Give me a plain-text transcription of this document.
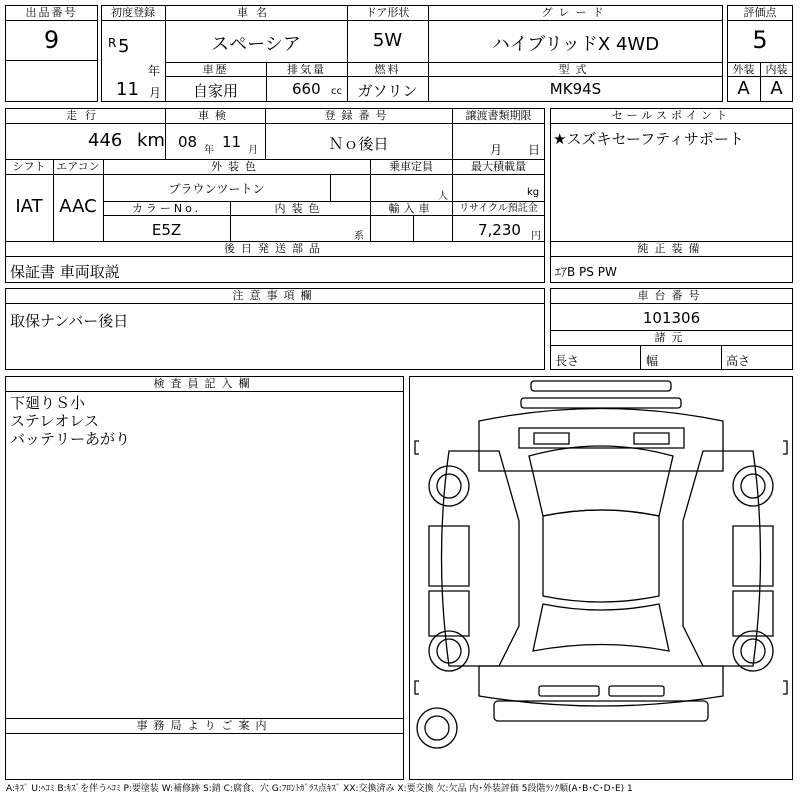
出品番号
9
初度登録
R 5
年
11 月
車名
スペーシア
ドア形状
5W
グレード
ハイブリッドX 4WD
車歴
自家用
排気量
660 cc
燃料
ガソリン
型式
MK94S
評価点
5
外装	内装
A	A
走行
446 km
車検
08 年 11 月
登録番号
Ｎｏ後日
譲渡書類期限
月 日
シフト
IAT
エアコン
AAC
外装色
ブラウンツートン
乗車定員
人
最大積載量
kg
カラーNo.
E5Z
内装色
系
輸入車	リサイクル預託金
7,230 円
後日発送部品
保証書 車両取説
セールスポイント
★スズキセーフティサポート
純正装備
ｴｱB PS PW
注意事項欄
取保ナンバー後日
車台番号
101306
諸元
長さ	幅	高さ
検査員記入欄
下廻りＳ小
ステレオレス
バッテリーあがり
事務局よりご案内
A:ｷｽﾞ U:ﾍｺﾐ B:ｷｽﾞを伴うﾍｺﾐ P:要塗装 W:補修跡 S:錆 C:腐食、穴 G:ﾌﾛﾝﾄｶﾞﾗｽ点ｷｽﾞ XX:交換済み X:要交換 欠:欠品 内･外装評価 5段階ﾗﾝｸ順(A･B･C･D･E) 1
